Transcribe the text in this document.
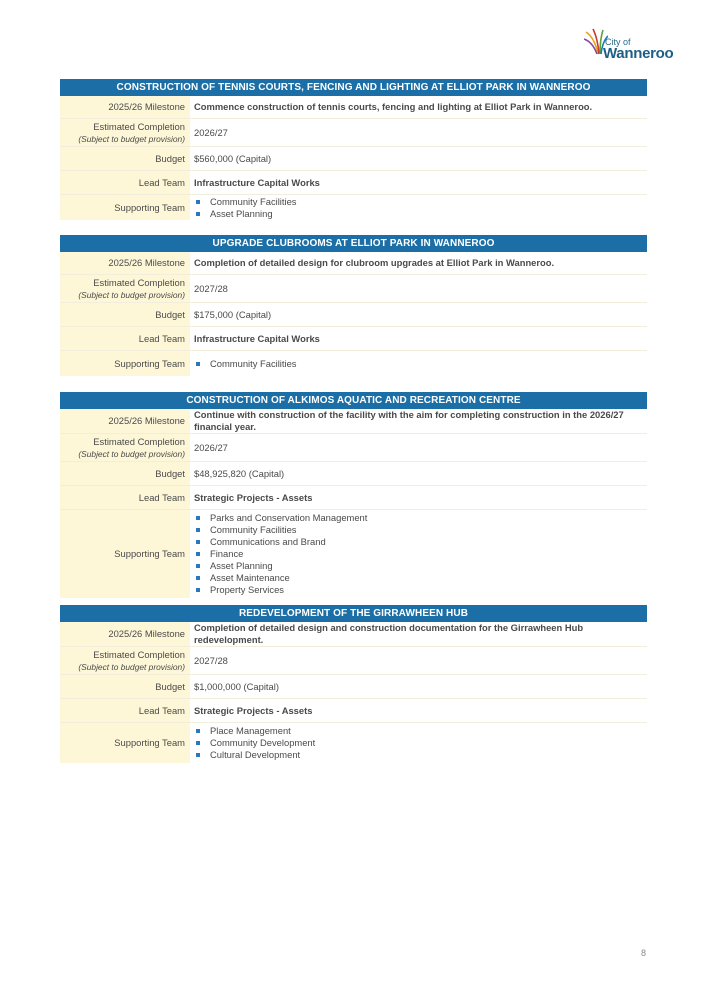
City of
Wanneroo
CONSTRUCTION OF TENNIS COURTS, FENCING AND LIGHTING AT ELLIOT PARK IN WANNEROO
2025/26 Milestone Commence construction of tennis courts, fencing and lighting at Elliot Park in Wanneroo.
Estimated Completion
(Subject to budget provision)
2026/27
Budget $560,000 (Capital)
Lead Team Infrastructure Capital Works
Supporting Team
Community Facilities
Asset Planning
UPGRADE CLUBROOMS AT ELLIOT PARK IN WANNEROO
2025/26 Milestone Completion of detailed design for clubroom upgrades at Elliot Park in Wanneroo.
Estimated Completion
(Subject to budget provision)
2027/28
Budget $175,000 (Capital)
Lead Team Infrastructure Capital Works
Supporting Team	Community Facilities
CONSTRUCTION OF ALKIMOS AQUATIC AND RECREATION CENTRE
2025/26 Milestone
Continue with construction of the facility with the aim for completing construction in the 2026/27 financial year.
Estimated Completion
(Subject to budget provision)
2026/27
Budget $48,925,820 (Capital)
Lead Team Strategic Projects - Assets
Supporting Team
Parks and Conservation Management
Community Facilities
Communications and Brand
Finance
Asset Planning
Asset Maintenance
Property Services
REDEVELOPMENT OF THE GIRRAWHEEN HUB
2025/26 Milestone
Completion of detailed design and construction documentation for the Girrawheen Hub redevelopment.
Estimated Completion
(Subject to budget provision)
2027/28
Budget $1,000,000 (Capital)
Lead Team Strategic Projects - Assets
Supporting Team
Place Management
Community Development
Cultural Development
8
